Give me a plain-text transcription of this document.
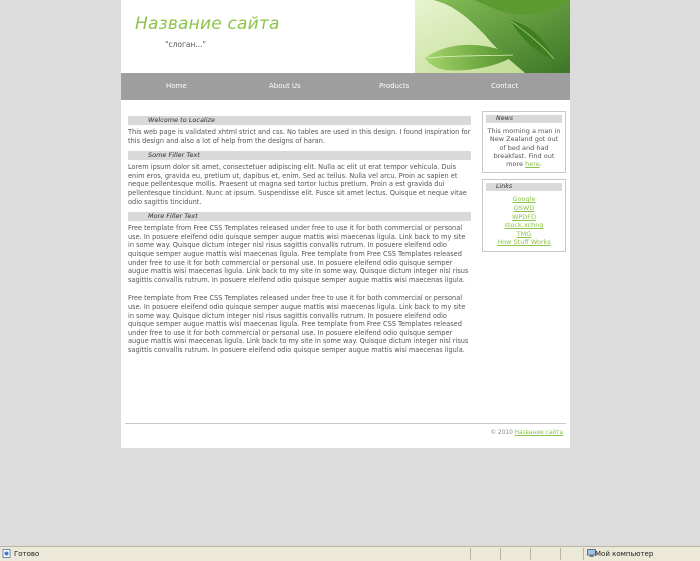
Название сайта
"слоган..."
Home	About Us	Products	Contact
Welcome to Localize

This web page is validated xhtml strict and css. No tables are used in this design. I found inspiration for this design and also a lot of help from the designs of haran.

Some Filler Text

Lorem ipsum dolor sit amet, consectetuer adipiscing elit. Nulla ac elit ut erat tempor vehicula. Duis enim eros, gravida eu, pretium ut, dapibus et, enim. Sed ac tellus. Nulla vel arcu. Proin ac sapien et neque pellentesque mollis. Praesent ut magna sed tortor luctus pretium. Proin a est gravida dui pellentesque tincidunt. Nunc at ipsum. Suspendisse elit. Fusce sit amet lectus. Quisque et neque vitae odio sagittis tincidunt.

More Filler Text

Free template from Free CSS Templates released under free to use it for both commercial or personal use. In posuere eleifend odio quisque semper augue mattis wisi maecenas ligula. Link back to my site in some way. Quisque dictum integer nisl risus sagittis convallis rutrum. In posuere eleifend odio quisque semper augue mattis wisi maecenas ligula. Free template from Free CSS Templates released under free to use it for both commercial or personal use. In posuere eleifend odio quisque semper augue mattis wisi maecenas ligula. Link back to my site in some way. Quisque dictum integer nisl risus sagittis convallis rutrum. In posuere eleifend odio quisque semper augue mattis wisi maecenas ligula.

Free template from Free CSS Templates released under free to use it for both commercial or personal use. In posuere eleifend odio quisque semper augue mattis wisi maecenas ligula. Link back to my site in some way. Quisque dictum integer nisl risus sagittis convallis rutrum. In posuere eleifend odio quisque semper augue mattis wisi maecenas ligula. Free template from Free CSS Templates released under free to use it for both commercial or personal use. In posuere eleifend odio quisque semper augue mattis wisi maecenas ligula. Link back to my site in some way. Quisque dictum integer nisl risus sagittis convallis rutrum. In posuere eleifend odio quisque semper augue mattis wisi maecenas ligula.

News
This morning a man in New Zealand got out of bed and had breakfast. Find out more here.
Links
Google
OSWD
WPDFD
stock.xchng
TMG
How Stuff Works
© 2010 Название сайта
Готово	Мой компьютер
